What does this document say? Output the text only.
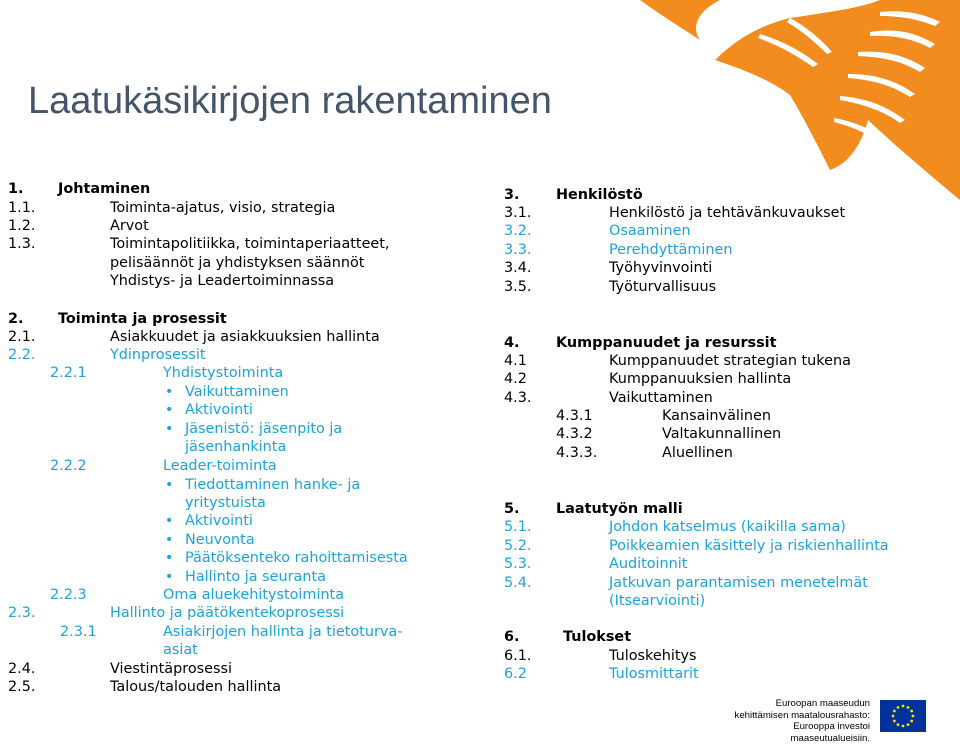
Laatukäsikirjojen rakentaminen
1. Johtaminen
1.1.	Toiminta-ajatus, visio, strategia
1.2.	Arvot
1.3.	Toimintapolitiikka, toimintaperiaatteet,
pelisäännöt ja yhdistyksen säännöt
Yhdistys- ja Leadertoiminnassa
2. Toiminta ja prosessit
2.1.	Asiakkuudet ja asiakkuuksien hallinta
2.2.	Ydinprosessit
2.2.1	Yhdistystoiminta
• Vaikuttaminen
• Aktivointi
• Jäsenistö: jäsenpito ja
jäsenhankinta
2.2.2	Leader-toiminta
• Tiedottaminen hanke- ja
yritystuista
• Aktivointi
• Neuvonta
• Päätöksenteko rahoittamisesta
• Hallinto ja seuranta
2.2.3	Oma aluekehitystoiminta
2.3.	Hallinto ja päätökentekoprosessi
2.3.1	Asiakirjojen hallinta ja tietoturva-
asiat
2.4.	Viestintäprosessi
2.5.	Talous/talouden hallinta
3.	Henkilöstö
3.1.	Henkilöstö ja tehtävänkuvaukset
3.2.	Osaaminen
3.3.	Perehdyttäminen
3.4.	Työhyvinvointi
3.5.	Työturvallisuus
4.	Kumppanuudet ja resurssit
4.1	Kumppanuudet strategian tukena
4.2	Kumppanuuksien hallinta
4.3.	Vaikuttaminen
4.3.1	Kansainvälinen
4.3.2	Valtakunnallinen
4.3.3.	Aluellinen
5.	Laatutyön malli
5.1.	Johdon katselmus (kaikilla sama)
5.2.	Poikkeamien käsittely ja riskienhallinta
5.3.	Auditoinnit
5.4.	Jatkuvan parantamisen menetelmät
(Itsearviointi)
6.	Tulokset
6.1.	Tuloskehitys
6.2	Tulosmittarit
Euroopan maaseudun
kehittämisen maatalousrahasto:
Eurooppa investoi maaseutualueisiin.
